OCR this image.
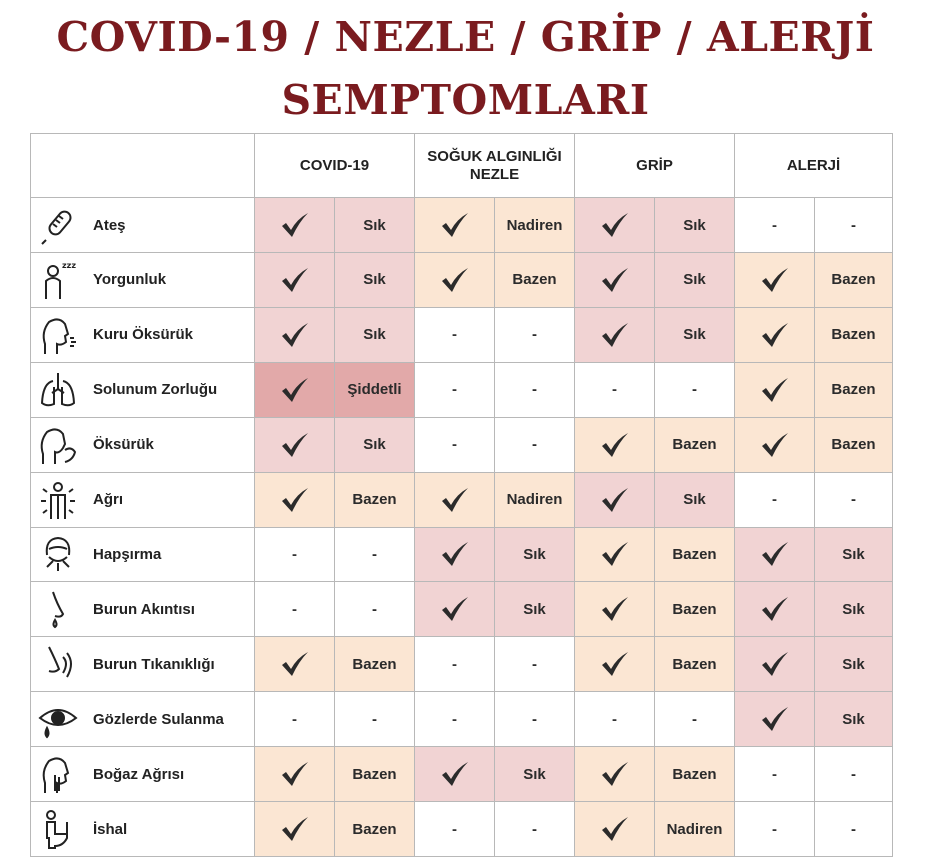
COVID-19 / NEZLE / GRİP / ALERJİ
SEMPTOMLARI
	COVID-19		SOĞUK ALGINLIĞI NEZLE		GRİP		ALERJİ	

Ateş		Sık		Nadiren		Sık	-	-

zzz
Yorgunluk		Sık		Bazen		Sık		Bazen

Kuru Öksürük		Sık	-	-		Sık		Bazen

Solunum Zorluğu		Şiddetli	-	-	-	-		Bazen

Öksürük		Sık	-	-		Bazen		Bazen

Ağrı		Bazen		Nadiren		Sık	-	-

Hapşırma	-	-		Sık		Bazen		Sık

Burun Akıntısı	-	-		Sık		Bazen		Sık

Burun Tıkanıklığı		Bazen	-	-		Bazen		Sık

Gözlerde Sulanma	-	-	-	-	-	-		Sık

Boğaz Ağrısı		Bazen		Sık		Bazen	-	-

İshal		Bazen	-	-		Nadiren	-	-
